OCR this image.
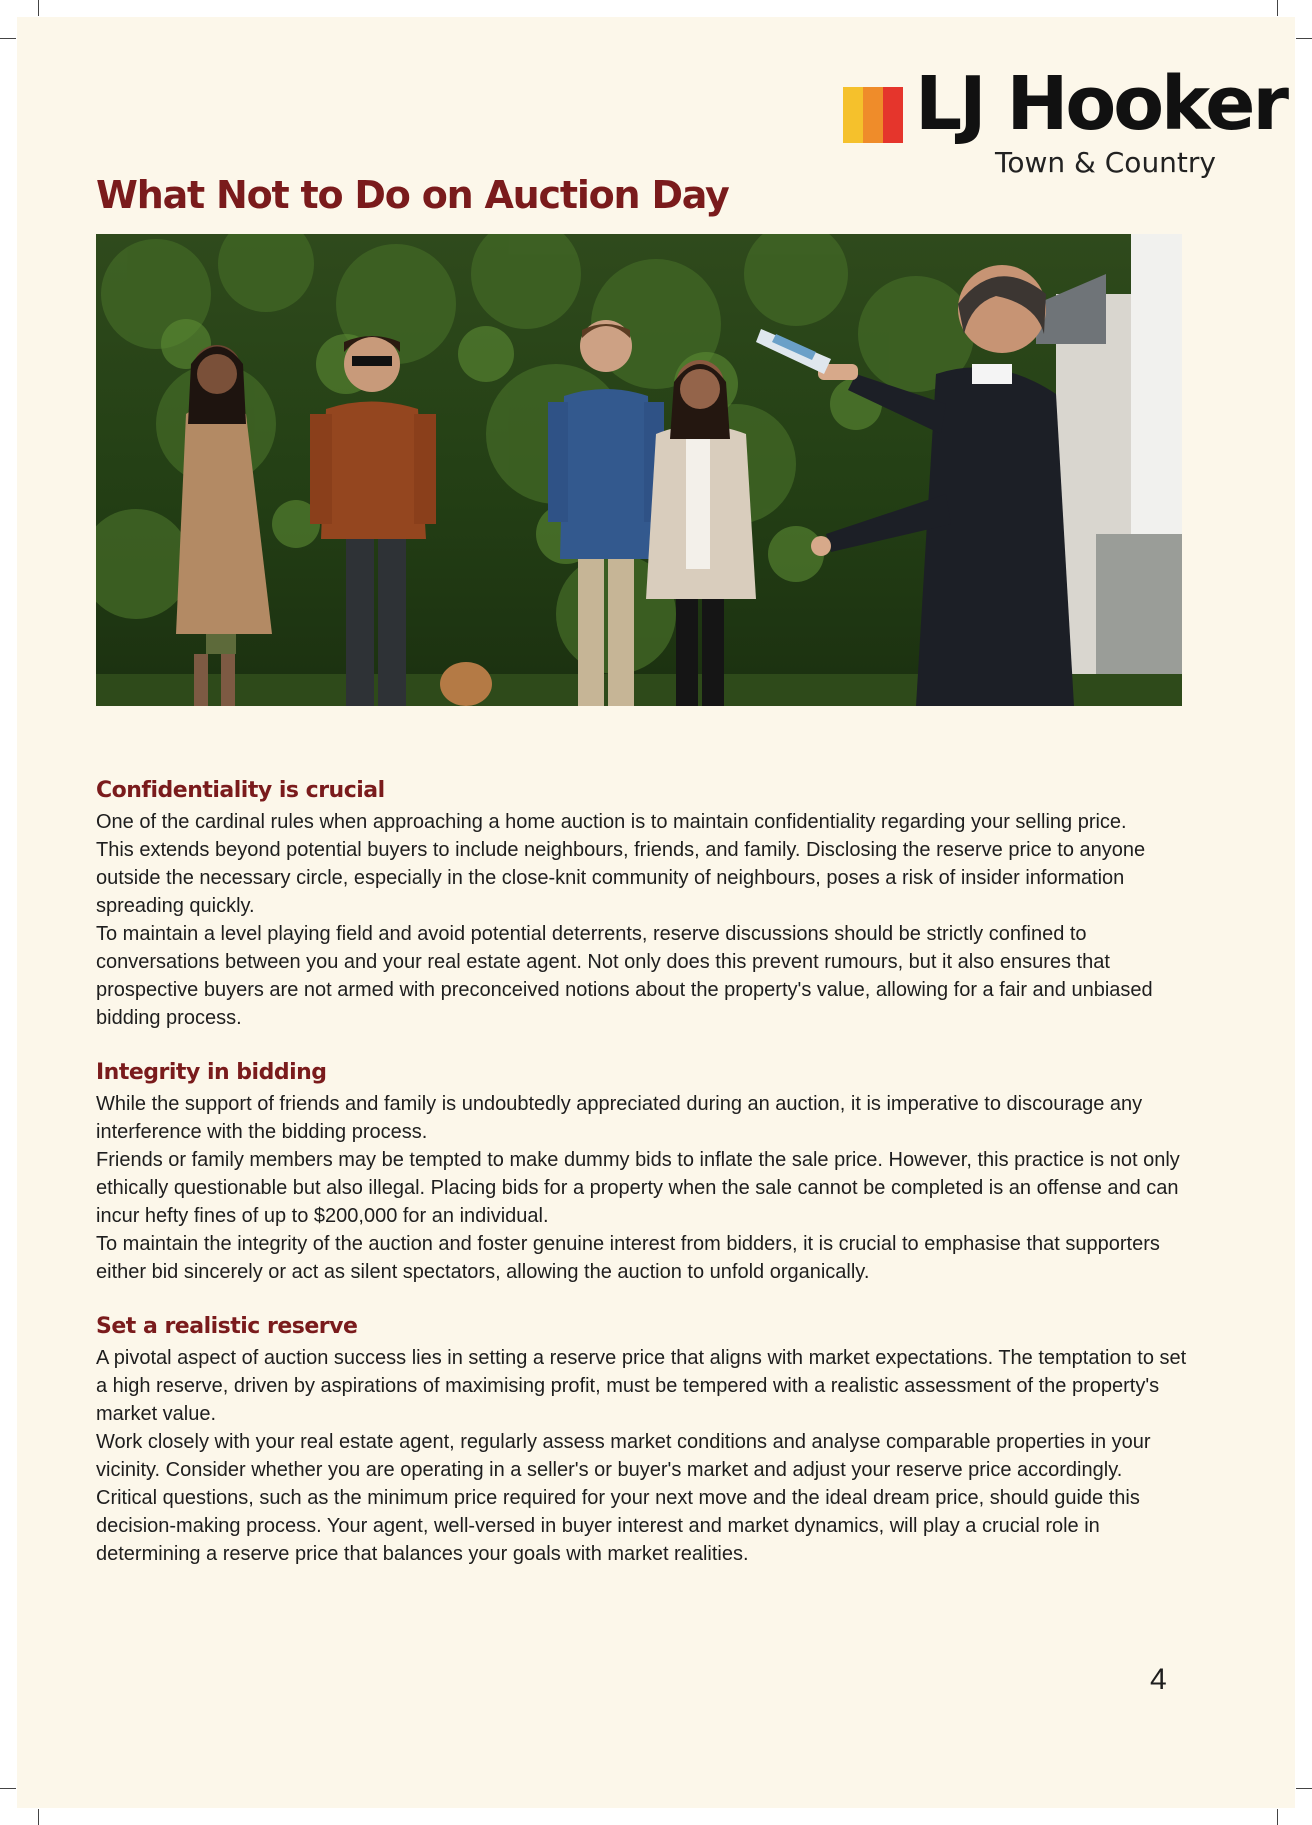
LJ Hooker
Town & Country
What Not to Do on Auction Day
Confidentiality is crucial

One of the cardinal rules when approaching a home auction is to maintain confidentiality regarding your selling price.

This extends beyond potential buyers to include neighbours, friends, and family. Disclosing the reserve price to anyone outside the necessary circle, especially in the close-knit community of neighbours, poses a risk of insider information spreading quickly.

To maintain a level playing field and avoid potential deterrents, reserve discussions should be strictly confined to conversations between you and your real estate agent. Not only does this prevent rumours, but it also ensures that prospective buyers are not armed with preconceived notions about the property's value, allowing for a fair and unbiased bidding process.

Integrity in bidding

While the support of friends and family is undoubtedly appreciated during an auction, it is imperative to discourage any interference with the bidding process.

Friends or family members may be tempted to make dummy bids to inflate the sale price. However, this practice is not only ethically questionable but also illegal. Placing bids for a property when the sale cannot be completed is an offense and can incur hefty fines of up to $200,000 for an individual.

To maintain the integrity of the auction and foster genuine interest from bidders, it is crucial to emphasise that supporters either bid sincerely or act as silent spectators, allowing the auction to unfold organically.

Set a realistic reserve

A pivotal aspect of auction success lies in setting a reserve price that aligns with market expectations. The temptation to set a high reserve, driven by aspirations of maximising profit, must be tempered with a realistic assessment of the property's market value.

Work closely with your real estate agent, regularly assess market conditions and analyse comparable properties in your vicinity. Consider whether you are operating in a seller's or buyer's market and adjust your reserve price accordingly.

Critical questions, such as the minimum price required for your next move and the ideal dream price, should guide this decision-making process. Your agent, well-versed in buyer interest and market dynamics, will play a crucial role in determining a reserve price that balances your goals with market realities.

4
